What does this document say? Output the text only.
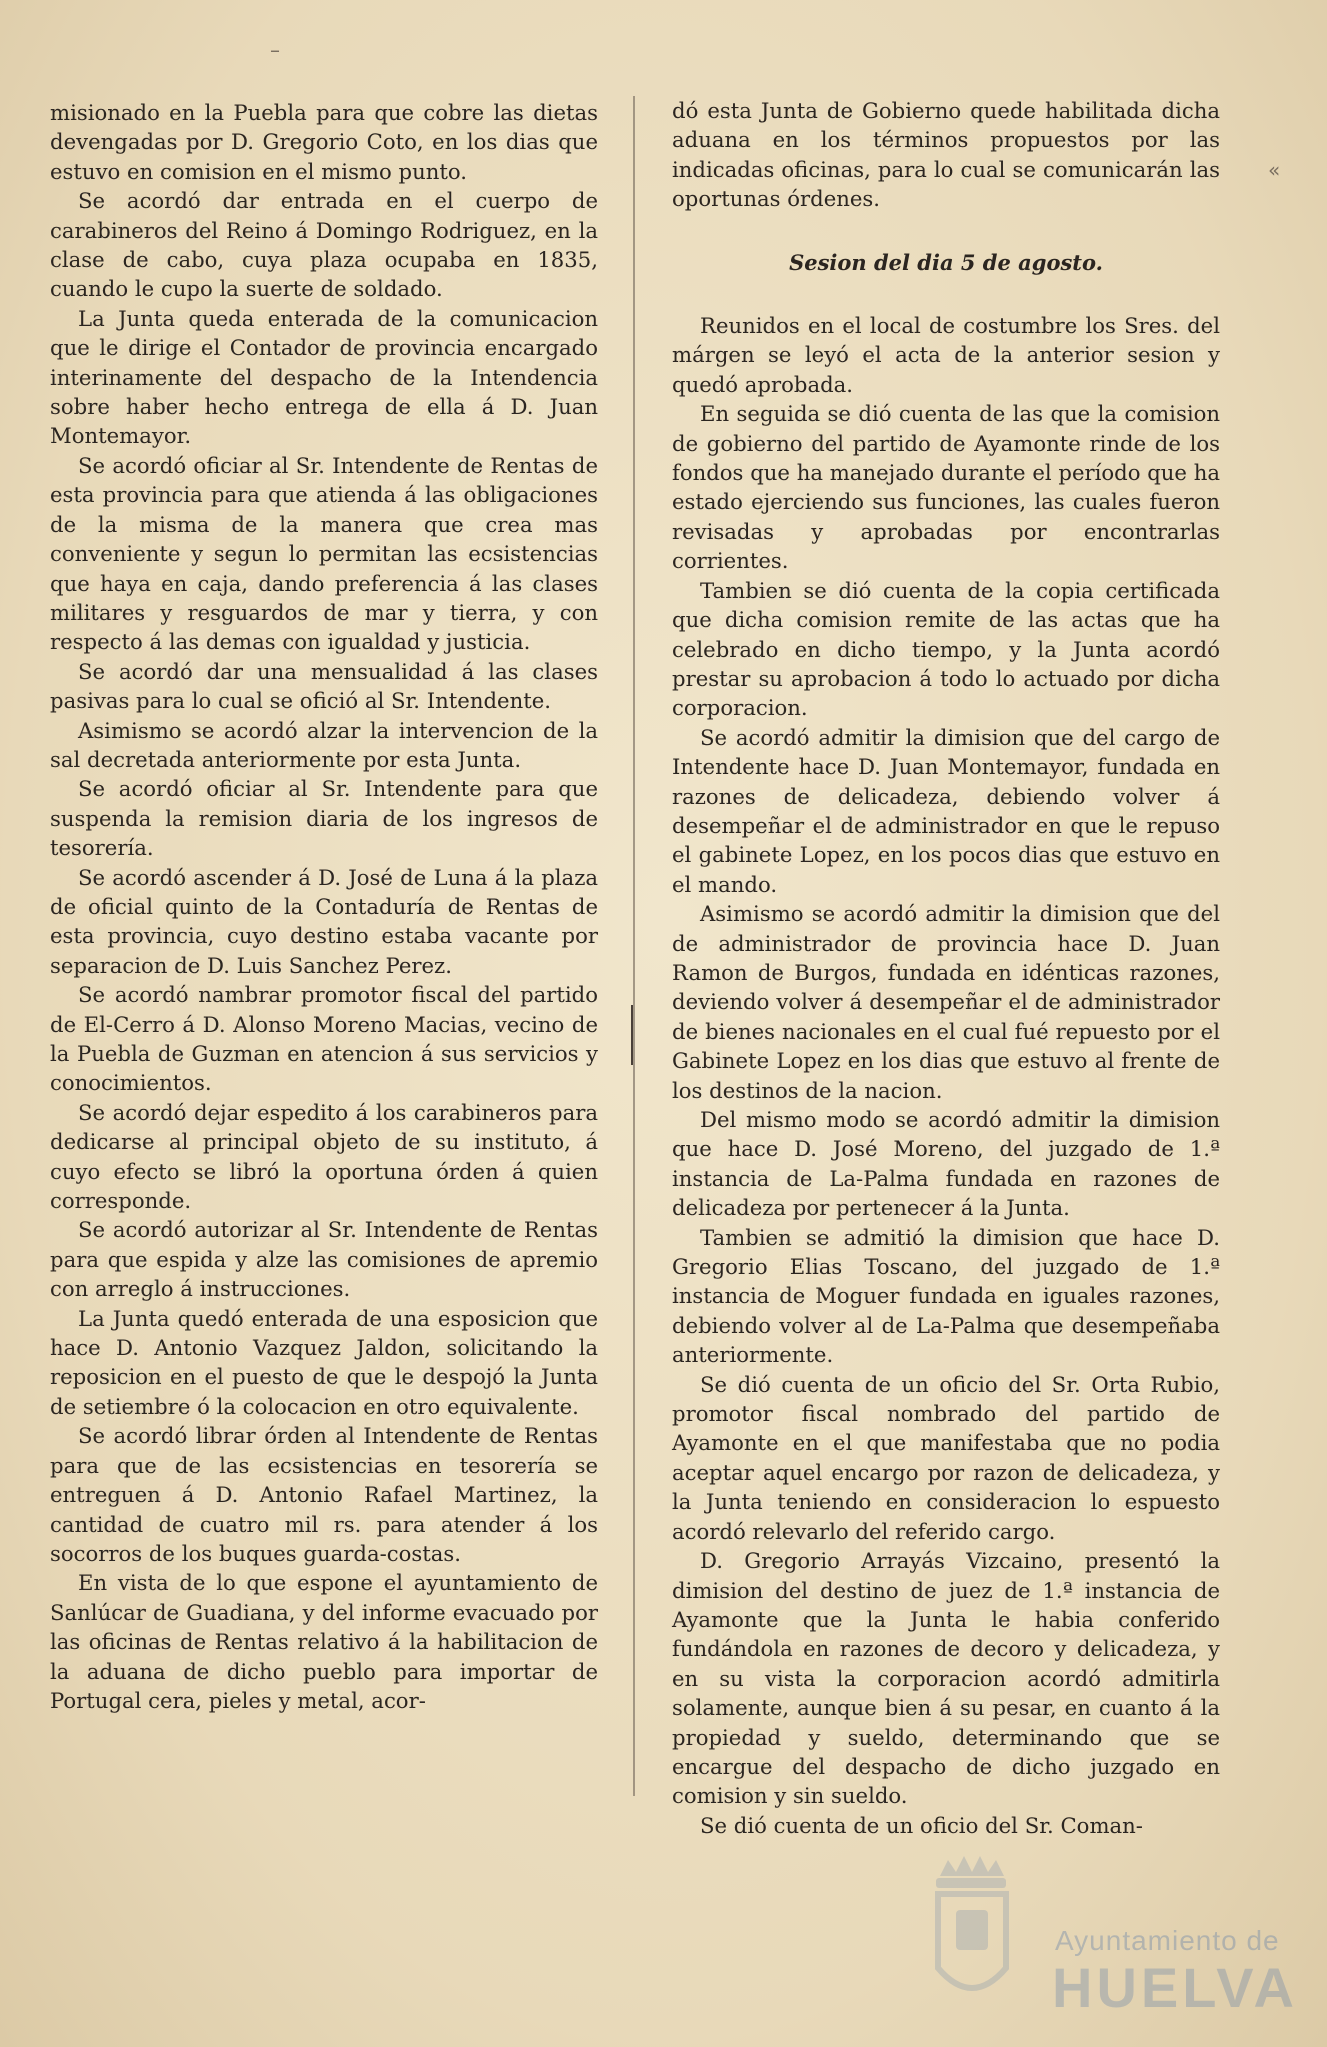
–

misionado en la Puebla para que cobre las dietas devengadas por D. Gregorio Coto, en los dias que estuvo en comision en el mismo punto.

Se acordó dar entrada en el cuerpo de carabineros del Reino á Domingo Rodriguez, en la clase de cabo, cuya plaza ocupaba en 1835, cuando le cupo la suerte de soldado.

La Junta queda enterada de la comunicacion que le dirige el Contador de provincia encargado interinamente del despacho de la Intendencia sobre haber hecho entrega de ella á D. Juan Montemayor.

Se acordó oficiar al Sr. Intendente de Rentas de esta provincia para que atienda á las obligaciones de la misma de la manera que crea mas conveniente y segun lo permitan las ecsistencias que haya en caja, dando preferencia á las clases militares y resguardos de mar y tierra, y con respecto á las demas con igualdad y justicia.

Se acordó dar una mensualidad á las clases pasivas para lo cual se ofició al Sr. Intendente.

Asimismo se acordó alzar la intervencion de la sal decretada anteriormente por esta Junta.

Se acordó oficiar al Sr. Intendente para que suspenda la remision diaria de los ingresos de tesorería.

Se acordó ascender á D. José de Luna á la plaza de oficial quinto de la Contaduría de Rentas de esta provincia, cuyo destino estaba vacante por separacion de D. Luis Sanchez Perez.

Se acordó nambrar promotor fiscal del partido de El-Cerro á D. Alonso Moreno Macias, vecino de la Puebla de Guzman en atencion á sus servicios y conocimientos.

Se acordó dejar espedito á los carabineros para dedicarse al principal objeto de su instituto, á cuyo efecto se libró la oportuna órden á quien corresponde.

Se acordó autorizar al Sr. Intendente de Rentas para que espida y alze las comisiones de apremio con arreglo á instrucciones.

La Junta quedó enterada de una esposicion que hace D. Antonio Vazquez Jaldon, solicitando la reposicion en el puesto de que le despojó la Junta de setiembre ó la colocacion en otro equivalente.

Se acordó librar órden al Intendente de Rentas para que de las ecsistencias en tesorería se entreguen á D. Antonio Rafael Martinez, la cantidad de cuatro mil rs. para atender á los socorros de los buques guarda-costas.

En vista de lo que espone el ayuntamiento de Sanlúcar de Guadiana, y del informe evacuado por las oficinas de Rentas relativo á la habilitacion de la aduana de dicho pueblo para importar de Portugal cera, pieles y metal, acor-

dó esta Junta de Gobierno quede habilitada dicha aduana en los términos propuestos por las indicadas oficinas, para lo cual se comunicarán las oportunas órdenes.

Sesion del dia 5 de agosto.

Reunidos en el local de costumbre los Sres. del márgen se leyó el acta de la anterior sesion y quedó aprobada.

En seguida se dió cuenta de las que la comision de gobierno del partido de Ayamonte rinde de los fondos que ha manejado durante el período que ha estado ejerciendo sus funciones, las cuales fueron revisadas y aprobadas por encontrarlas corrientes.

Tambien se dió cuenta de la copia certificada que dicha comision remite de las actas que ha celebrado en dicho tiempo, y la Junta acordó prestar su aprobacion á todo lo actuado por dicha corporacion.

Se acordó admitir la dimision que del cargo de Intendente hace D. Juan Montemayor, fundada en razones de delicadeza, debiendo volver á desempeñar el de administrador en que le repuso el gabinete Lopez, en los pocos dias que estuvo en el mando.

Asimismo se acordó admitir la dimision que del de administrador de provincia hace D. Juan Ramon de Burgos, fundada en idénticas razones, deviendo volver á desempeñar el de administrador de bienes nacionales en el cual fué repuesto por el Gabinete Lopez en los dias que estuvo al frente de los destinos de la nacion.

Del mismo modo se acordó admitir la dimision que hace D. José Moreno, del juzgado de 1.ª instancia de La-Palma fundada en razones de delicadeza por pertenecer á la Junta.

Tambien se admitió la dimision que hace D. Gregorio Elias Toscano, del juzgado de 1.ª instancia de Moguer fundada en iguales razones, debiendo volver al de La-Palma que desempeñaba anteriormente.

Se dió cuenta de un oficio del Sr. Orta Rubio, promotor fiscal nombrado del partido de Ayamonte en el que manifestaba que no podia aceptar aquel encargo por razon de delicadeza, y la Junta teniendo en consideracion lo espuesto acordó relevarlo del referido cargo.

D. Gregorio Arrayás Vizcaino, presentó la dimision del destino de juez de 1.ª instancia de Ayamonte que la Junta le habia conferido fundándola en razones de decoro y delicadeza, y en su vista la corporacion acordó admitirla solamente, aunque bien á su pesar, en cuanto á la propiedad y sueldo, determinando que se encargue del despacho de dicho juzgado en comision y sin sueldo.

Se dió cuenta de un oficio del Sr. Coman-

«
Ayuntamiento de
HUELVA
